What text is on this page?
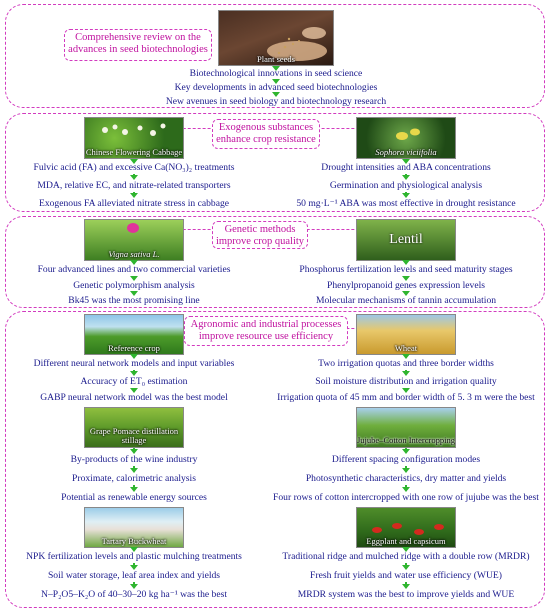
Comprehensive review on the advances in seed biotechnologies
Plant seeds
Biotechnological innovations in seed science
Key developments in advanced seed biotechnologies
New avenues in seed biology and biotechnology research
Exogenous substances enhance crop resistance
Chinese Flowering Cabbage
Fulvic acid (FA) and excessive Ca(NO₃)₂ treatments
MDA, relative EC, and nitrate-related transporters
Exogenous FA alleviated nitrate stress in cabbage
Sophora viciifolia
Drought intensities and ABA concentrations
Germination and physiological analysis
50 mg·L⁻¹ ABA was most effective in drought resistance
Genetic methods improve crop quality
Vigna sativa L.
Four advanced lines and two commercial varieties
Genetic polymorphism analysis
Bk45 was the most promising line
Lentil
Phosphorus fertilization levels and seed maturity stages
Phenylpropanoid genes expression levels
Molecular mechanisms of tannin accumulation
Agronomic and industrial processes improve resource use efficiency
Reference crop
Different neural network models and input variables
Accuracy of ET₀ estimation
GABP neural network model was the best model
Wheat
Two irrigation quotas and three border widths
Soil moisture distribution and irrigation quality
Irrigation quota of 45 mm and border width of 5. 3 m were the best
Grape Pomace distillation stillage
By-products of the wine industry
Proximate, calorimetric analysis
Potential as renewable energy sources
Jujube–Cotton Intercropping
Different spacing configuration modes
Photosynthetic characteristics, dry matter and yields
Four rows of cotton intercropped with one row of jujube was the best
Tartary Buckwheat
NPK fertilization levels and plastic mulching treatments
Soil water storage, leaf area index and yields
N–P₂O5–K₂O of 40–30–20 kg ha⁻¹ was the best
Eggplant and capsicum
Traditional ridge and mulched ridge with a double row (MRDR)
Fresh fruit yields and water use efficiency (WUE)
MRDR system was the best to improve yields and WUE
